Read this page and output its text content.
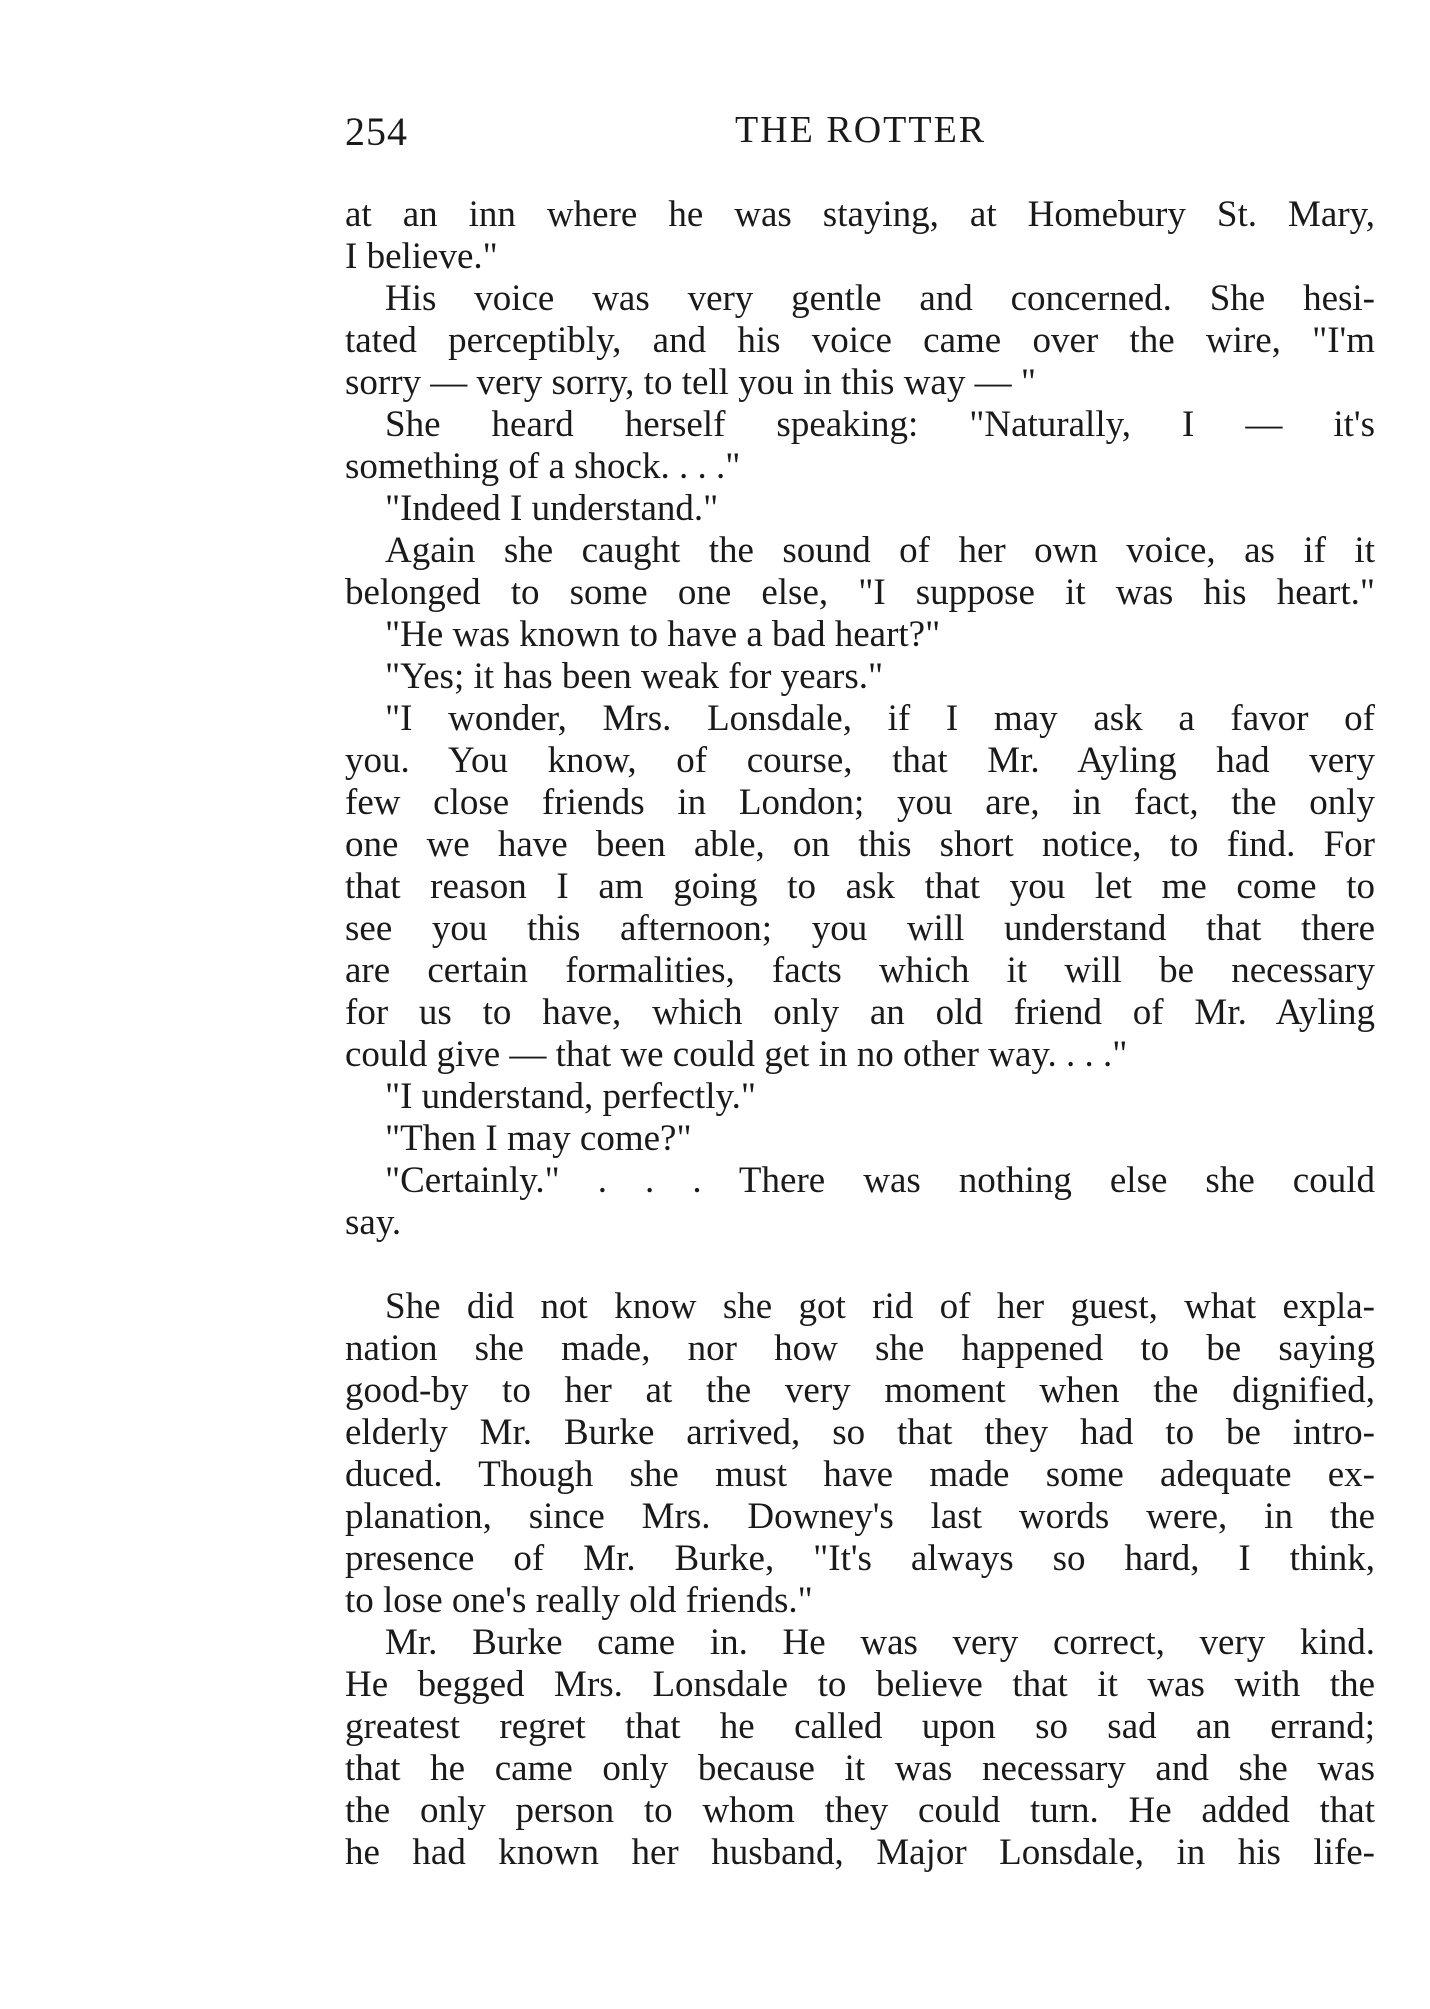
254	THE ROTTER
at an inn where he was staying, at Homebury St. Mary,
I believe."
His voice was very gentle and concerned. She hesi-
tated perceptibly, and his voice came over the wire, "I'm
sorry — very sorry, to tell you in this way — "
She heard herself speaking: "Naturally, I — it's
something of a shock. . . ."
"Indeed I understand."
Again she caught the sound of her own voice, as if it
belonged to some one else, "I suppose it was his heart."
"He was known to have a bad heart?"
"Yes; it has been weak for years."
"I wonder, Mrs. Lonsdale, if I may ask a favor of
you. You know, of course, that Mr. Ayling had very
few close friends in London; you are, in fact, the only
one we have been able, on this short notice, to find. For
that reason I am going to ask that you let me come to
see you this afternoon; you will understand that there
are certain formalities, facts which it will be necessary
for us to have, which only an old friend of Mr. Ayling
could give — that we could get in no other way. . . ."
"I understand, perfectly."
"Then I may come?"
"Certainly." . . . There was nothing else she could
say.
She did not know she got rid of her guest, what expla-
nation she made, nor how she happened to be saying
good-by to her at the very moment when the dignified,
elderly Mr. Burke arrived, so that they had to be intro-
duced. Though she must have made some adequate ex-
planation, since Mrs. Downey's last words were, in the
presence of Mr. Burke, "It's always so hard, I think,
to lose one's really old friends."
Mr. Burke came in. He was very correct, very kind.
He begged Mrs. Lonsdale to believe that it was with the
greatest regret that he called upon so sad an errand;
that he came only because it was necessary and she was
the only person to whom they could turn. He added that
he had known her husband, Major Lonsdale, in his life-
